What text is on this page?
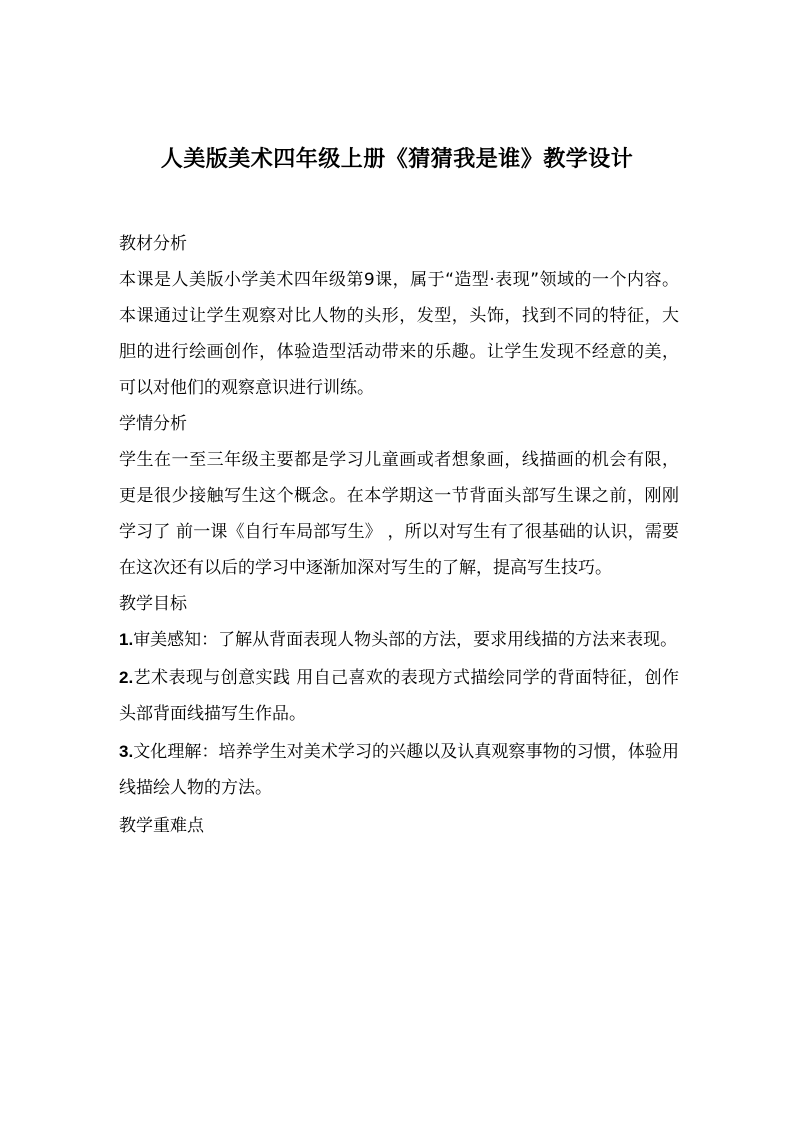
人美版美术四年级上册《猜猜我是谁》教学设计

教材分析

本课是人美版小学美术四年级第9课，属于“造型·表现”领域的一个内容。本课通过让学生观察对比人物的头形，发型，头饰，找到不同的特征，大胆的进行绘画创作，体验造型活动带来的乐趣。让学生发现不经意的美，可以对他们的观察意识进行训练。

学情分析

学生在一至三年级主要都是学习儿童画或者想象画，线描画的机会有限， 更是很少接触写生这个概念。在本学期这一节背面头部写生课之前，刚刚学习了 前一课《自行车局部写生》 ，所以对写生有了很基础的认识，需要在这次还有以后的学习中逐渐加深对写生的了解，提高写生技巧。

教学目标

1.审美感知：了解从背面表现人物头部的方法，要求用线描的方法来表现。

2.艺术表现与创意实践 用自己喜欢的表现方式描绘同学的背面特征，创作头部背面线描写生作品。

3.文化理解：培养学生对美术学习的兴趣以及认真观察事物的习惯，体验用线描绘人物的方法。

教学重难点
